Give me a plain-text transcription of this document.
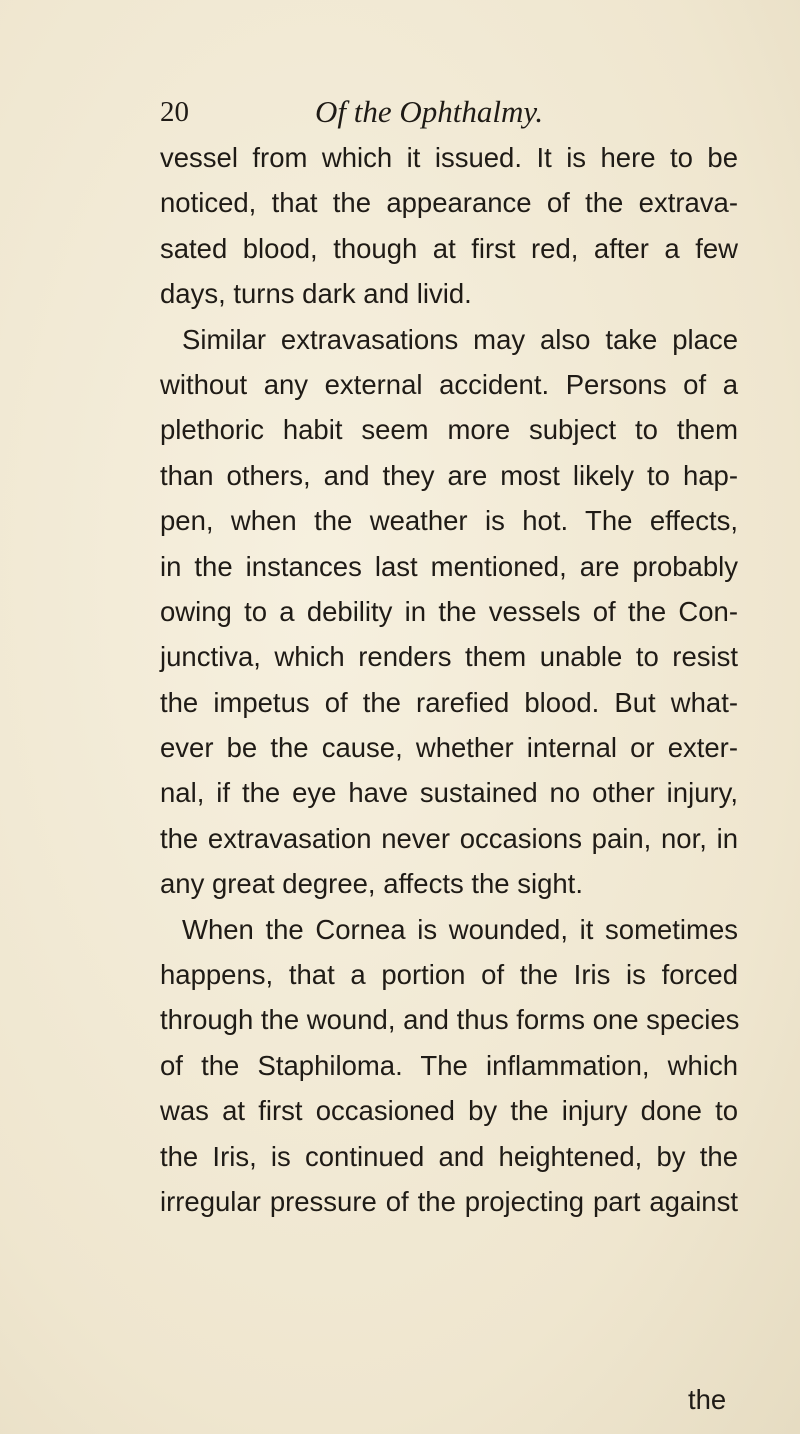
20	Of the Ophthalmy.

vessel from which it issued. It is here to be
noticed, that the appearance of the extrava-
sated blood, though at first red, after a few
days, turns dark and livid.

Similar extravasations may also take place
without any external accident. Persons of a
plethoric habit seem more subject to them
than others, and they are most likely to hap-
pen, when the weather is hot. The effects,
in the instances last mentioned, are probably
owing to a debility in the vessels of the Con-
junctiva, which renders them unable to resist
the impetus of the rarefied blood. But what-
ever be the cause, whether internal or exter-
nal, if the eye have sustained no other injury,
the extravasation never occasions pain, nor, in
any great degree, affects the sight.

When the Cornea is wounded, it sometimes
happens, that a portion of the Iris is forced
through the wound, and thus forms one species
of the Staphiloma. The inflammation, which
was at first occasioned by the injury done to
the Iris, is continued and heightened, by the
irregular pressure of the projecting part against

the
